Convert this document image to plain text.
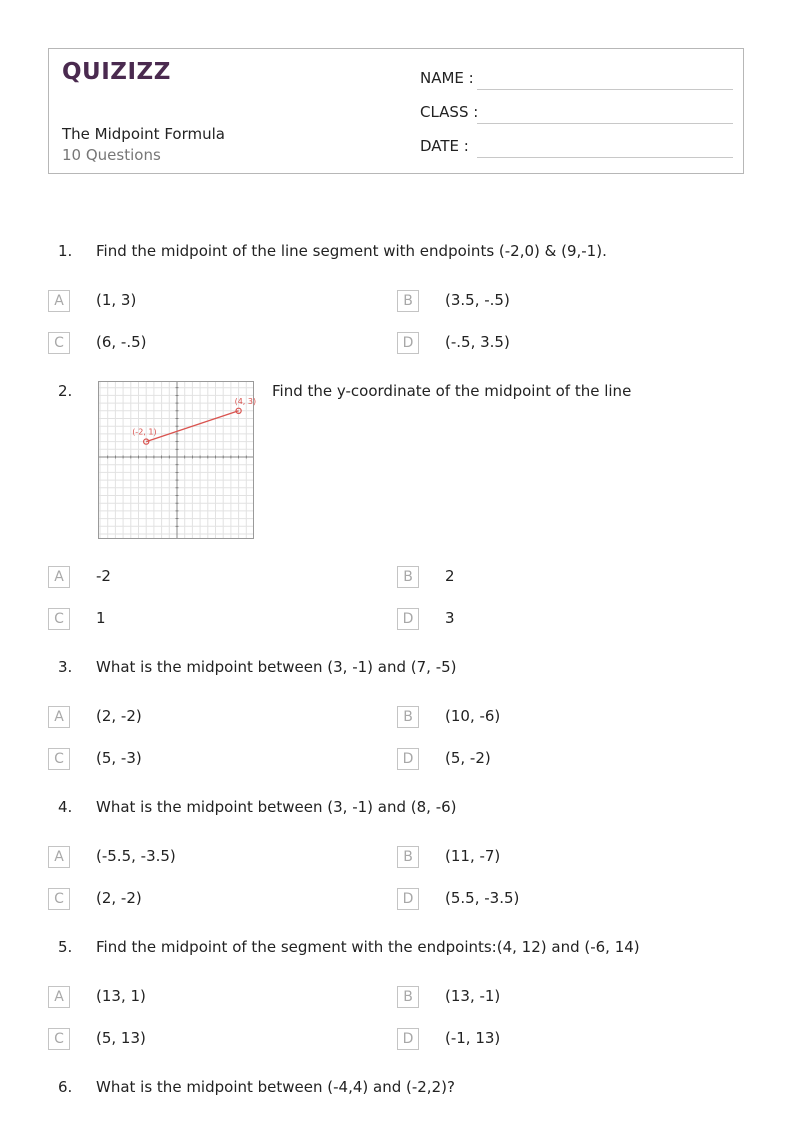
QUIZIZZ
The Midpoint Formula
10 Questions
NAME :
CLASS :
DATE :
1.	Find the midpoint of the line segment with endpoints (-2,0) & (9,-1).
A	(1, 3)	B	(3.5, -.5)
C	(6, -.5)	D	(-.5, 3.5)
2.
(-2, 1)
(4, 3)
Find the y-coordinate of the midpoint of the line
A	-2	B	2
C	1	D	3
3.	What is the midpoint between (3, -1) and (7, -5)
A	(2, -2)	B	(10, -6)
C	(5, -3)	D	(5, -2)
4.	What is the midpoint between (3, -1) and (8, -6)
A	(-5.5, -3.5)	B	(11, -7)
C	(2, -2)	D	(5.5, -3.5)
5.	Find the midpoint of the segment with the endpoints:(4, 12) and (-6, 14)
A	(13, 1)	B	(13, -1)
C	(5, 13)	D	(-1, 13)
6.	What is the midpoint between (-4,4) and (-2,2)?
